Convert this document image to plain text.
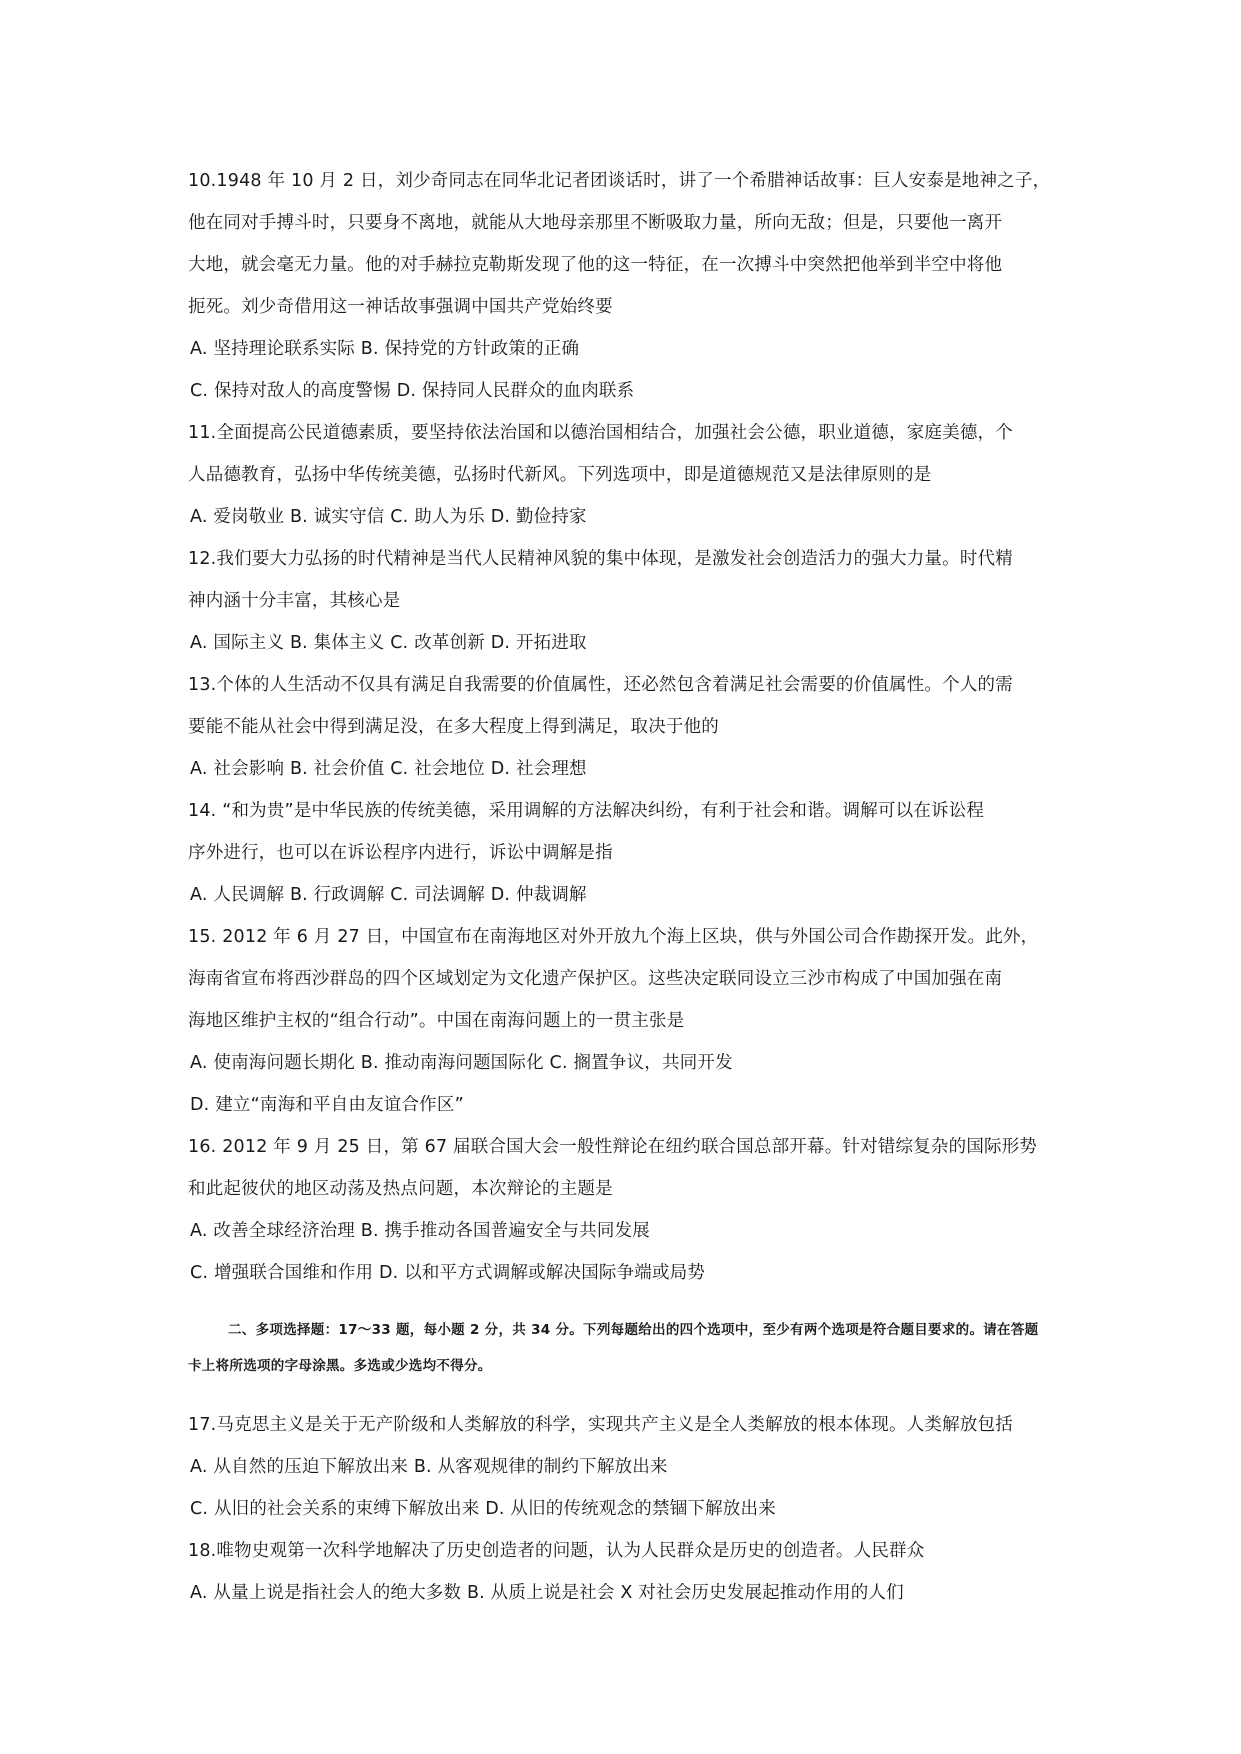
10.1948 年 10 月 2 日，刘少奇同志在同华北记者团谈话时，讲了一个希腊神话故事：巨人安泰是地神之子，
他在同对手搏斗时，只要身不离地，就能从大地母亲那里不断吸取力量，所向无敌；但是，只要他一离开
大地，就会毫无力量。他的对手赫拉克勒斯发现了他的这一特征，在一次搏斗中突然把他举到半空中将他
扼死。刘少奇借用这一神话故事强调中国共产党始终要
A. 坚持理论联系实际 B. 保持党的方针政策的正确
C. 保持对敌人的高度警惕 D. 保持同人民群众的血肉联系
11.全面提高公民道德素质，要坚持依法治国和以德治国相结合，加强社会公德，职业道德，家庭美德，个
人品德教育，弘扬中华传统美德，弘扬时代新风。下列选项中，即是道德规范又是法律原则的是
A. 爱岗敬业 B. 诚实守信 C. 助人为乐 D. 勤俭持家
12.我们要大力弘扬的时代精神是当代人民精神风貌的集中体现，是激发社会创造活力的强大力量。时代精
神内涵十分丰富，其核心是
A. 国际主义 B. 集体主义 C. 改革创新 D. 开拓进取
13.个体的人生活动不仅具有满足自我需要的价值属性，还必然包含着满足社会需要的价值属性。个人的需
要能不能从社会中得到满足没，在多大程度上得到满足，取决于他的
A. 社会影响 B. 社会价值 C. 社会地位 D. 社会理想
14. “和为贵”是中华民族的传统美德，采用调解的方法解决纠纷，有利于社会和谐。调解可以在诉讼程
序外进行，也可以在诉讼程序内进行，诉讼中调解是指
A. 人民调解 B. 行政调解 C. 司法调解 D. 仲裁调解
15. 2012 年 6 月 27 日，中国宣布在南海地区对外开放九个海上区块，供与外国公司合作勘探开发。此外，
海南省宣布将西沙群岛的四个区域划定为文化遗产保护区。这些决定联同设立三沙市构成了中国加强在南
海地区维护主权的“组合行动”。中国在南海问题上的一贯主张是
A. 使南海问题长期化 B. 推动南海问题国际化 C. 搁置争议，共同开发
D. 建立“南海和平自由友谊合作区”
16. 2012 年 9 月 25 日，第 67 届联合国大会一般性辩论在纽约联合国总部开幕。针对错综复杂的国际形势
和此起彼伏的地区动荡及热点问题，本次辩论的主题是
A. 改善全球经济治理 B. 携手推动各国普遍安全与共同发展
C. 增强联合国维和作用 D. 以和平方式调解或解决国际争端或局势
二、多项选择题：17～33 题，每小题 2 分，共 34 分。下列每题给出的四个选项中，至少有两个选项是符合题目要求的。请在答题
卡上将所选项的字母涂黑。多选或少选均不得分。
17.马克思主义是关于无产阶级和人类解放的科学，实现共产主义是全人类解放的根本体现。人类解放包括
A. 从自然的压迫下解放出来 B. 从客观规律的制约下解放出来
C. 从旧的社会关系的束缚下解放出来 D. 从旧的传统观念的禁锢下解放出来
18.唯物史观第一次科学地解决了历史创造者的问题，认为人民群众是历史的创造者。人民群众
A. 从量上说是指社会人的绝大多数 B. 从质上说是社会 X 对社会历史发展起推动作用的人们
